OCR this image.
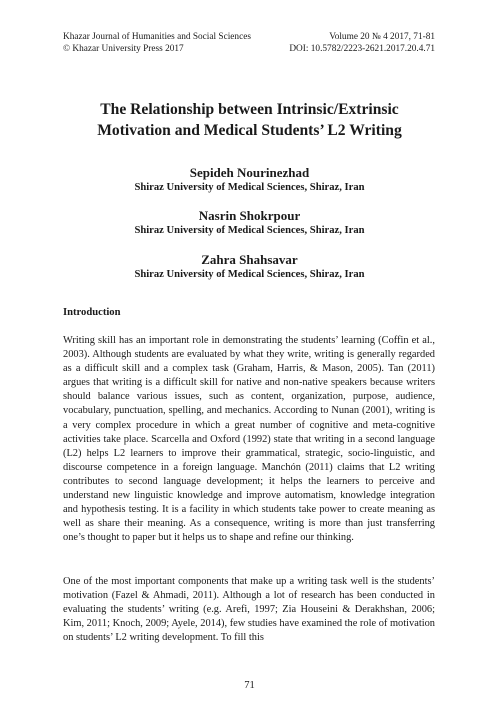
Khazar Journal of Humanities and Social Sciences	Volume 20 № 4 2017, 71-81
© Khazar University Press 2017	DOI: 10.5782/2223-2621.2017.20.4.71
The Relationship between Intrinsic/Extrinsic
Motivation and Medical Students’ L2 Writing
Sepideh Nourinezhad
Shiraz University of Medical Sciences, Shiraz, Iran
Nasrin Shokrpour
Shiraz University of Medical Sciences, Shiraz, Iran
Zahra Shahsavar
Shiraz University of Medical Sciences, Shiraz, Iran
Introduction

Writing skill has an important role in demonstrating the students’ learning (Coffin et al., 2003). Although students are evaluated by what they write, writing is generally regarded as a difficult skill and a complex task (Graham, Harris, & Mason, 2005). Tan (2011) argues that writing is a difficult skill for native and non-native speakers because writers should balance various issues, such as content, organization, purpose, audience, vocabulary, punctuation, spelling, and mechanics. According to Nunan (2001), writing is a very complex procedure in which a great number of cognitive and meta-cognitive activities take place. Scarcella and Oxford (1992) state that writing in a second language (L2) helps L2 learners to improve their grammatical, strategic, socio-linguistic, and discourse competence in a foreign language. Manchón (2011) claims that L2 writing contributes to second language development; it helps the learners to perceive and understand new linguistic knowledge and improve automatism, knowledge integration and hypothesis testing. It is a facility in which students take power to create meaning as well as share their meaning. As a consequence, writing is more than just transferring one’s thought to paper but it helps us to shape and refine our thinking.

One of the most important components that make up a writing task well is the students’ motivation (Fazel & Ahmadi, 2011). Although a lot of research has been conducted in evaluating the students’ writing (e.g. Arefi, 1997; Zia Houseini & Derakhshan, 2006; Kim, 2011; Knoch, 2009; Ayele, 2014), few studies have examined the role of motivation on students’ L2 writing development. To fill this

71
